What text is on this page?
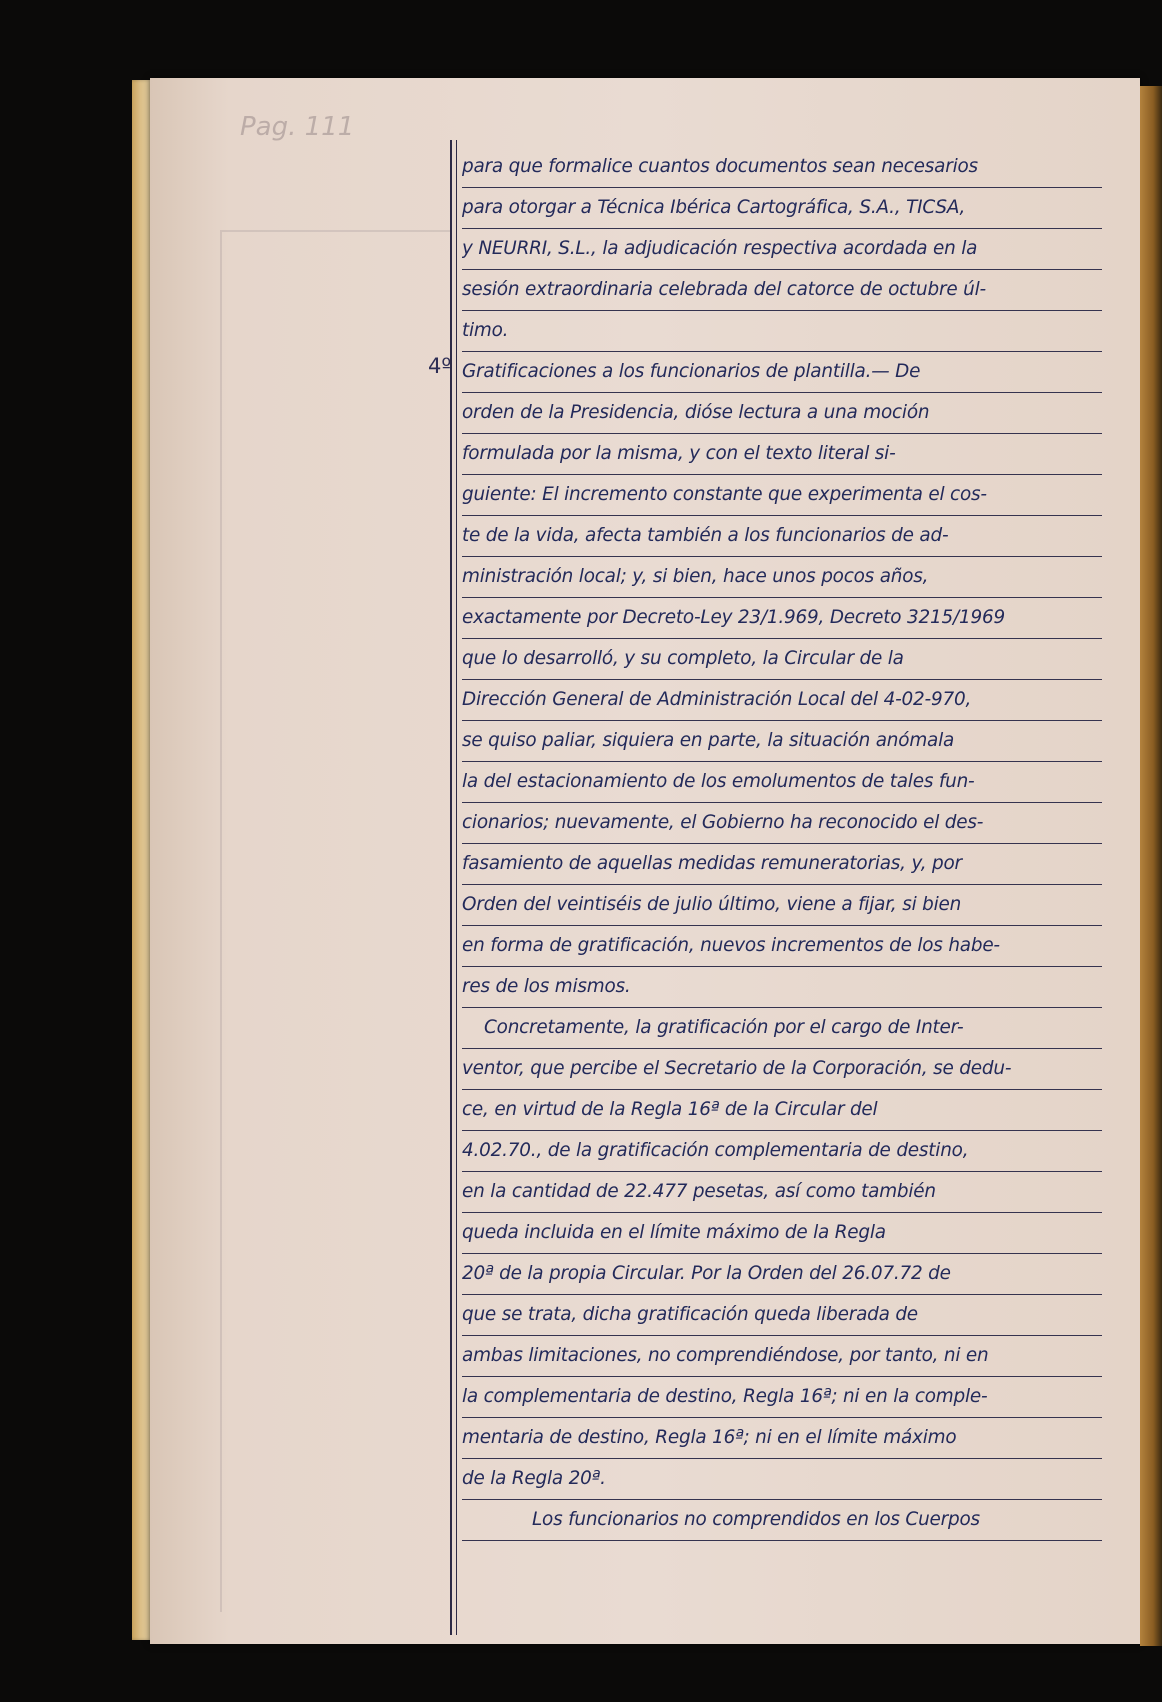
Pag. 111
4º
para que formalice cuantos documentos sean necesarios
para otorgar a Técnica Ibérica Cartográfica, S.A., TICSA,
y NEURRI, S.L., la adjudicación respectiva acordada en la
sesión extraordinaria celebrada del catorce de octubre úl-
timo.
Gratificaciones a los funcionarios de plantilla.— De
orden de la Presidencia, dióse lectura a una moción
formulada por la misma, y con el texto literal si-
guiente: El incremento constante que experimenta el cos-
te de la vida, afecta también a los funcionarios de ad-
ministración local; y, si bien, hace unos pocos años,
exactamente por Decreto-Ley 23/1.969, Decreto 3215/1969
que lo desarrolló, y su completo, la Circular de la
Dirección General de Administración Local del 4-02-970,
se quiso paliar, siquiera en parte, la situación anómala
la del estacionamiento de los emolumentos de tales fun-
cionarios; nuevamente, el Gobierno ha reconocido el des-
fasamiento de aquellas medidas remuneratorias, y, por
Orden del veintiséis de julio último, viene a fijar, si bien
en forma de gratificación, nuevos incrementos de los habe-
res de los mismos.
Concretamente, la gratificación por el cargo de Inter-
ventor, que percibe el Secretario de la Corporación, se dedu-
ce, en virtud de la Regla 16ª de la Circular del
4.02.70., de la gratificación complementaria de destino,
en la cantidad de 22.477 pesetas, así como también
queda incluida en el límite máximo de la Regla
20ª de la propia Circular. Por la Orden del 26.07.72 de
que se trata, dicha gratificación queda liberada de
ambas limitaciones, no comprendiéndose, por tanto, ni en
la complementaria de destino, Regla 16ª; ni en la comple-
mentaria de destino, Regla 16ª; ni en el límite máximo
de la Regla 20ª.
Los funcionarios no comprendidos en los Cuerpos
